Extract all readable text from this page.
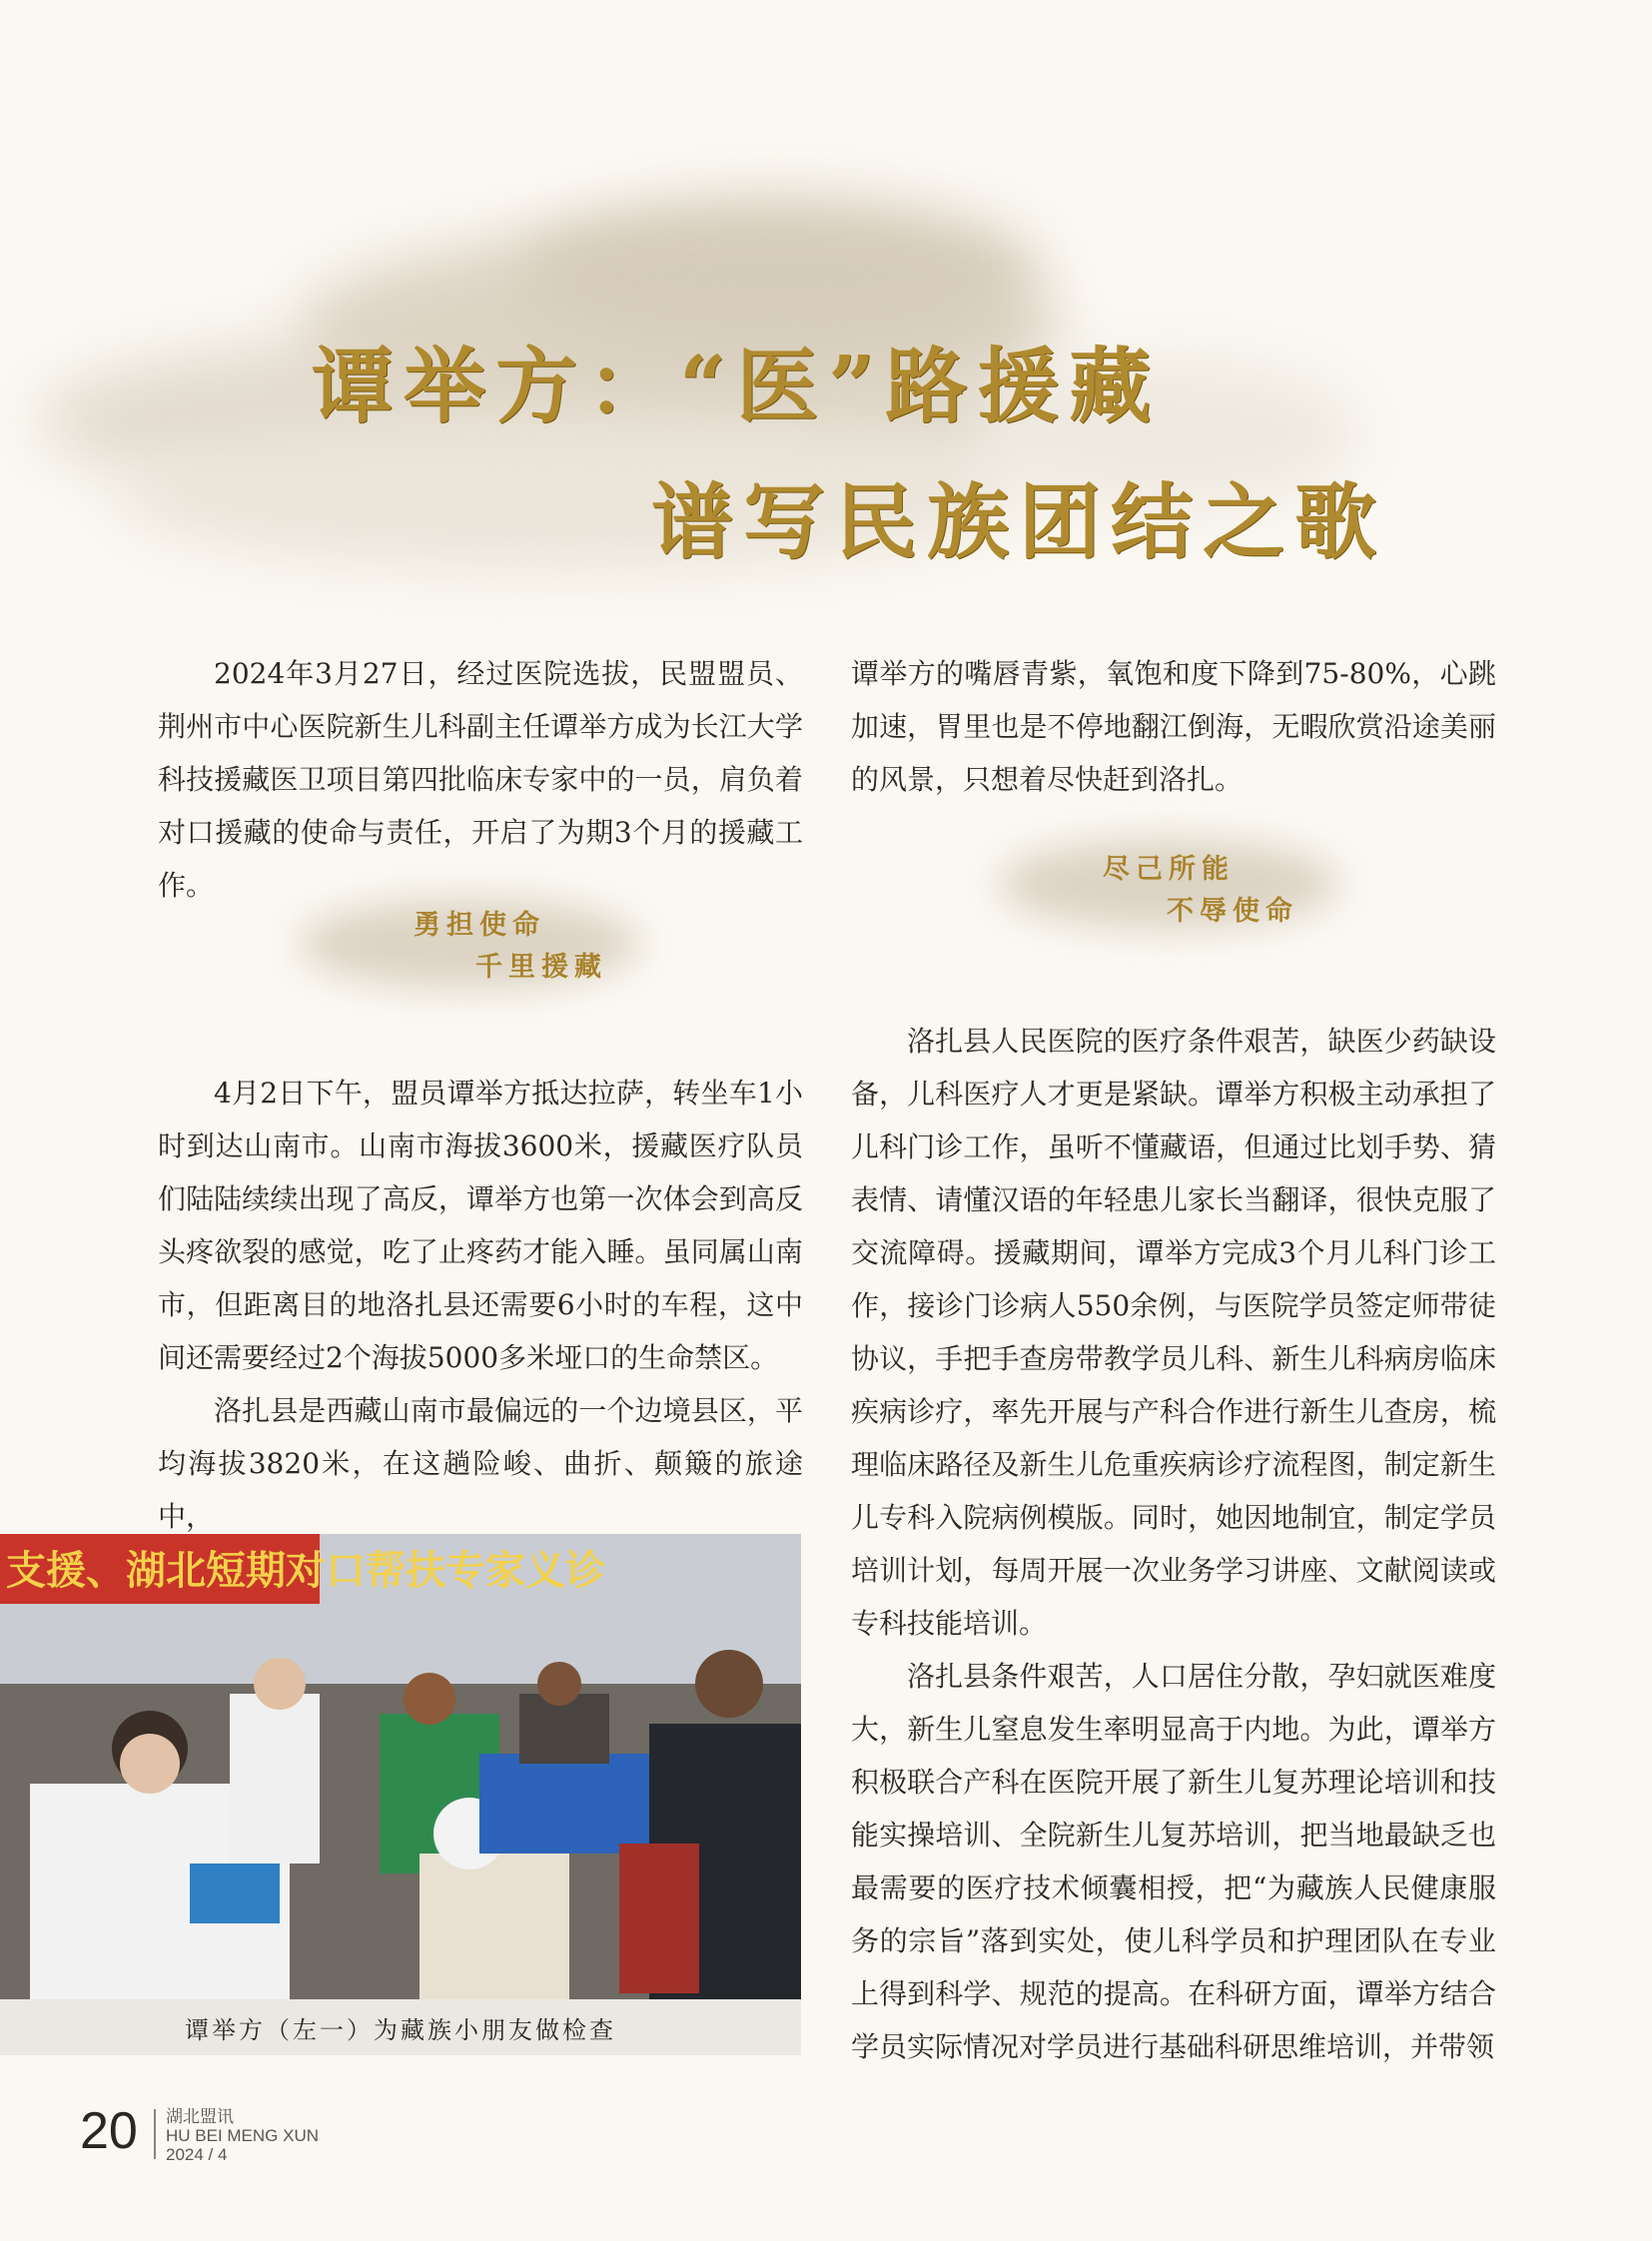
谭举方：“医”路援藏
谱写民族团结之歌

2024年3月27日，经过医院选拔，民盟盟员、荆州市中心医院新生儿科副主任谭举方成为长江大学科技援藏医卫项目第四批临床专家中的一员，肩负着对口援藏的使命与责任，开启了为期3个月的援藏工作。

勇担使命
千里援藏

4月2日下午，盟员谭举方抵达拉萨，转坐车1小时到达山南市。山南市海拔3600米，援藏医疗队员们陆陆续续出现了高反，谭举方也第一次体会到高反头疼欲裂的感觉，吃了止疼药才能入睡。虽同属山南市，但距离目的地洛扎县还需要6小时的车程，这中间还需要经过2个海拔5000多米垭口的生命禁区。

洛扎县是西藏山南市最偏远的一个边境县区，平均海拔3820米，在这趟险峻、曲折、颠簸的旅途中，

谭举方的嘴唇青紫，氧饱和度下降到75-80%，心跳加速，胃里也是不停地翻江倒海，无暇欣赏沿途美丽的风景，只想着尽快赶到洛扎。

尽己所能
不辱使命

洛扎县人民医院的医疗条件艰苦，缺医少药缺设备，儿科医疗人才更是紧缺。谭举方积极主动承担了儿科门诊工作，虽听不懂藏语，但通过比划手势、猜表情、请懂汉语的年轻患儿家长当翻译，很快克服了交流障碍。援藏期间，谭举方完成3个月儿科门诊工作，接诊门诊病人550余例，与医院学员签定师带徒协议，手把手查房带教学员儿科、新生儿科病房临床疾病诊疗，率先开展与产科合作进行新生儿查房，梳理临床路径及新生儿危重疾病诊疗流程图，制定新生儿专科入院病例模版。同时，她因地制宜，制定学员培训计划，每周开展一次业务学习讲座、文献阅读或专科技能培训。

洛扎县条件艰苦，人口居住分散，孕妇就医难度大，新生儿窒息发生率明显高于内地。为此，谭举方积极联合产科在医院开展了新生儿复苏理论培训和技能实操培训、全院新生儿复苏培训，把当地最缺乏也最需要的医疗技术倾囊相授，把“为藏族人民健康服务的宗旨”落到实处，使儿科学员和护理团队在专业上得到科学、规范的提高。在科研方面，谭举方结合学员实际情况对学员进行基础科研思维培训，并带领

支援、湖北短期对口帮扶专家义诊
谭举方（左一）为藏族小朋友做检查
20 湖北盟讯
HU BEI MENG XUN
2024 / 4
